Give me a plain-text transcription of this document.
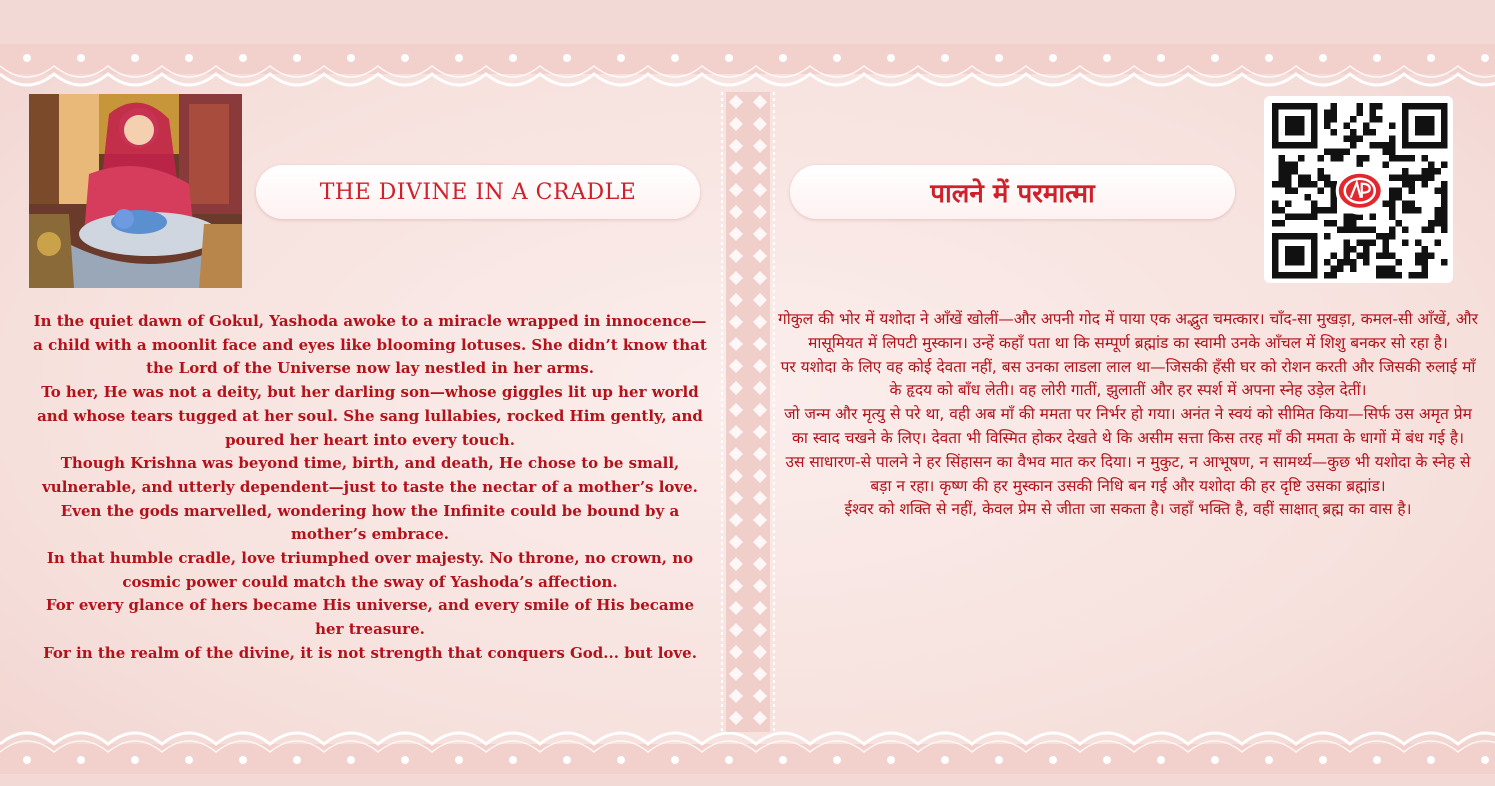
THE DIVINE IN A CRADLE	पालने में परमात्मा

In the quiet dawn of Gokul, Yashoda awoke to a miracle wrapped in innocence—a child with a moonlit face and eyes like blooming lotuses. She didn’t know that the Lord of the Universe now lay nestled in her arms.

To her, He was not a deity, but her darling son—whose giggles lit up her world and whose tears tugged at her soul. She sang lullabies, rocked Him gently, and poured her heart into every touch.

Though Krishna was beyond time, birth, and death, He chose to be small, vulnerable, and utterly dependent—just to taste the nectar of a mother’s love.

Even the gods marvelled, wondering how the Infinite could be bound by a mother’s embrace.

In that humble cradle, love triumphed over majesty. No throne, no crown, no cosmic power could match the sway of Yashoda’s affection.

For every glance of hers became His universe, and every smile of His became her treasure.

For in the realm of the divine, it is not strength that conquers God... but love.

गोकुल की भोर में यशोदा ने आँखें खोलीं—और अपनी गोद में पाया एक अद्भुत चमत्कार। चाँद-सा मुखड़ा, कमल-सी आँखें, और मासूमियत में लिपटी मुस्कान। उन्हें कहाँ पता था कि सम्पूर्ण ब्रह्मांड का स्वामी उनके आँचल में शिशु बनकर सो रहा है।

पर यशोदा के लिए वह कोई देवता नहीं, बस उनका लाडला लाल था—जिसकी हँसी घर को रोशन करती और जिसकी रुलाई माँ के हृदय को बाँध लेती। वह लोरी गातीं, झुलातीं और हर स्पर्श में अपना स्नेह उड़ेल देतीं।

जो जन्म और मृत्यु से परे था, वही अब माँ की ममता पर निर्भर हो गया। अनंत ने स्वयं को सीमित किया—सिर्फ उस अमृत प्रेम का स्वाद चखने के लिए। देवता भी विस्मित होकर देखते थे कि असीम सत्ता किस तरह माँ की ममता के धागों में बंध गई है।

उस साधारण-से पालने ने हर सिंहासन का वैभव मात कर दिया। न मुकुट, न आभूषण, न सामर्थ्य—कुछ भी यशोदा के स्नेह से बड़ा न रहा। कृष्ण की हर मुस्कान उसकी निधि बन गई और यशोदा की हर दृष्टि उसका ब्रह्मांड।

ईश्वर को शक्ति से नहीं, केवल प्रेम से जीता जा सकता है। जहाँ भक्ति है, वहीं साक्षात् ब्रह्म का वास है।
